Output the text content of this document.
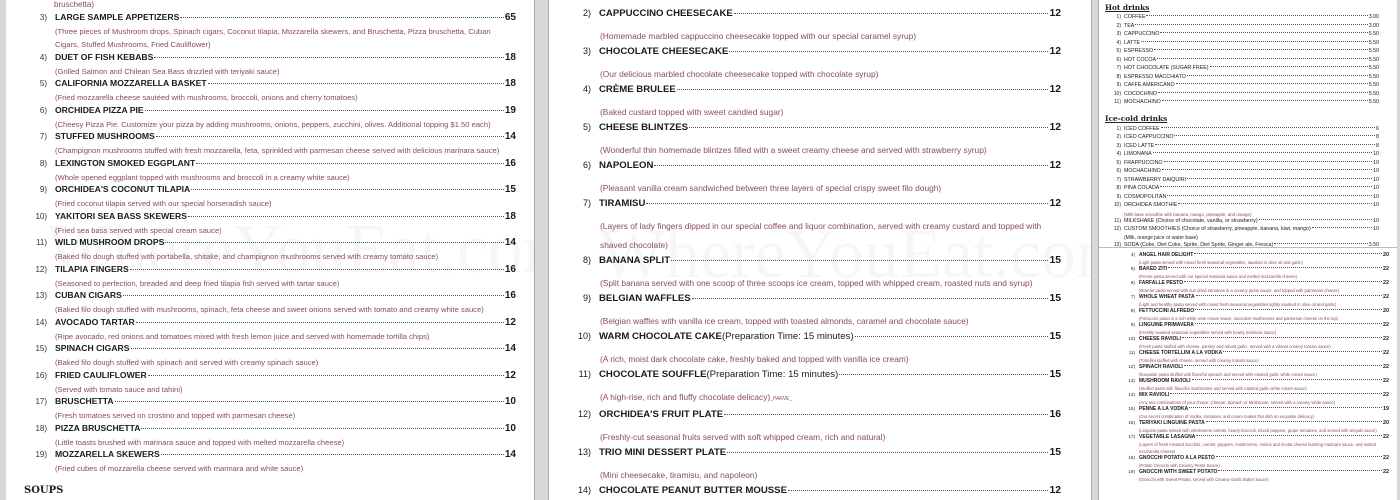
bruschetta)
3) LARGE SAMPLE APPETIZERS	65
(Three pieces of Mushroom drops, Spinach cigars, Coconut tilapia, Mozzarella skewers, and Bruschetta, Pizza bruschetta, Cuban Cigars, Stuffed Mushrooms, Fried Cauliflower)
4) DUET OF FISH KEBABS	18
(Grilled Salmon and Chilean Sea Bass drizzled with teriyaki sauce)
5) CALIFORNIA MOZZARELLA BASKET	18
(Fried mozzarella cheese sautéed with mushrooms, broccoli, onions and cherry tomatoes)
6) ORCHIDEA PIZZA PIE	19
(Cheesy Pizza Pie. Customize your pizza by adding mushrooms, onions, peppers, zucchini, olives. Additional topping $1.50 each)
7) STUFFED MUSHROOMS	14
(Champignon mushrooms stuffed with fresh mozzarella, feta, sprinkled with parmesan cheese served with delicious marinara sauce)
8) LEXINGTON SMOKED EGGPLANT	16
(Whole opened eggplant topped with mushrooms and broccoli in a creamy white sauce)
9) ORCHIDEA'S COCONUT TILAPIA	15
(Fried coconut tilapia served with our special horseradish sauce)
10) YAKITORI SEA BASS SKEWERS	18
(Fried sea bass served with special cream sauce)
11) WILD MUSHROOM DROPS	14
(Baked filo dough stuffed with portabella, shitake, and champignon mushrooms served with creamy tomato sauce)
12) TILAPIA FINGERS	16
(Seasoned to perfection, breaded and deep fried tilapia fish served with tartar sauce)
13) CUBAN CIGARS	16
(Baked filo dough stuffed with mushrooms, spinach, feta cheese and sweet onions served with tomato and creamy white sauce)
14) AVOCADO TARTAR	12
(Ripe avocado, red onions and tomatoes mixed with fresh lemon juice and served with homemade tortilla chips)
15) SPINACH CIGARS	14
(Baked filo dough stuffed with spinach and served with creamy spinach sauce)
16) FRIED CAULIFLOWER	12
(Served with tomato sauce and tahini)
17) BRUSCHETTA	10
(Fresh tomatoes served on crostino and topped with parmesan cheese)
18) PIZZA BRUSCHETTA	10
(Little toasts brushed with marinara sauce and topped with melted mozzarella cheese)
19) MOZZARELLA SKEWERS	14
(Fried cubes of mozzarella cheese served with marinara and white sauce)
SOUPS
2) CAPPUCCINO CHEESECAKE	12
(Homemade marbled cappuccino cheesecake topped with our special caramel syrup)
3) CHOCOLATE CHEESECAKE	12
(Our delicious marbled chocolate cheesecake topped with chocolate syrup)
4) CRÈME BRULEE	12
(Baked custard topped with sweet candied sugar)
5) CHEESE BLINTZES	12
(Wonderful thin homemade blintzes filled with a sweet creamy cheese and served with strawberry syrup)
6) NAPOLEON	12
(Pleasant vanilla cream sandwiched between three layers of special crispy sweet filo dough)
7) TIRAMISU	12
(Layers of lady fingers dipped in our special coffee and liquor combination, served with creamy custard and topped with shaved chocolate)
8) BANANA SPLIT	15
(Split banana served with one scoop of three scoops ice cream, topped with whipped cream, roasted nuts and syrup)
9) BELGIAN WAFFLES	15
(Belgian waffles with vanilla ice cream, topped with toasted almonds, caramel and chocolate sauce)
10) WARM CHOCOLATE CAKE (Preparation Time: 15 minutes)	15
(A rich, moist dark chocolate cake, freshly baked and topped with vanilla ice cream)
11) CHOCOLATE SOUFFLE (Preparation Time: 15 minutes)	15
(A high-rise, rich and fluffy chocolate delicacy)_PARVE_
12) ORCHIDEA'S FRUIT PLATE	16
(Freshly-cut seasonal fruits served with soft whipped cream, rich and natural)
13) TRIO MINI DESSERT PLATE	15
(Mini cheesecake, tiramisu, and napoleon)
14) CHOCOLATE PEANUT BUTTER MOUSSE	12
Hot drinks
1) COFFEE	3.00
2) TEA	3.00
3) CAPPUCCINO	5.50
4) LATTE	5.50
5) ESPRESSO	5.50
6) HOT COCOA	5.50
7) HOT CHOCOLATE (SUGAR FREE)	5.50
8) ESPRESSO MACCHIATO	5.50
9) CAFFE AMERICANO	5.50
10) COCOCHINO	5.50
11) MOCHACHINO	5.50
Ice-cold drinks
1) ICED COFFEE	6
2) ICED CAPPUCCINO	8
3) ICED LATTE	8
4) LIMONANA	10
5) FRAPPUCCINO	10
6) MOCHACHINO	10
7) STRAWBERRY DAIQUIRI	10
8) PINA COLADA	10
9) COSMOPOLITAN	10
10) ORCHIDEA SMOTHIE	10
(Milk base smoothie with banana, mango, pineapple, and orange)
11) MILKSHAKE (Choice of chocolate, vanilla, or strawberry)	10
12) CUSTOM SMOOTHIES (Choice of strawberry, pineapple, banana, kiwi, mango)	10
(Milk, orange juice or water base)
13) SODA (Coke, Diet Coke, Sprite, Diet Sprite, Ginger ale, Fresca)	3.50
4) ANGEL HAIR DELIGHT	20
(Light pasta served with mixed fresh seasonal vegetables, sautéed in olive oil and garlic)
5) BAKED ZITI	22
(Penne pasta served with our special marinara sauce and melted mozzarella cheese)
6) FARFALLE PESTO	22
(Bow-tie pasta served with sun dried tomatoes in a creamy pesto sauce, and topped with parmesan cheese)
7) WHOLE WHEAT PASTA	22
(Light and healthy pasta served with mixed fresh seasonal vegetables lightly sautéed in olive oil and garlic)
8) FETTUCCINI ALFREDO	20
(Fettuccini pasta in a rich white wine cream sauce, succulent mushrooms and parmesan cheese on the top)
9) LINGUINE PRIMAVERA	22
(Freshly sautéed seasonal vegetables served with hearty marinara sauce)
10) CHEESE RAVIOLI	22
(Fresh pasta stuffed with cheese, parsley and robust garlic, served with a vibrant creamy tomato sauce)
11) CHEESE TORTELLINI A LA VODKA	22
(Tortellini stuffed with cheese, served with creamy tomato sauce)
12) SPINACH RAVIOLI	22
(Exquisite pasta stuffed with flavorful spinach and served with roasted garlic white cream sauce)
13) MUSHROOM RAVIOLI	22
(Stuffed pasta with flavorful mushrooms and served with roasted garlic white cream sauce)
14) MIX RAVIOLI	22
(Any two combinations of your choice: Cheese, Spinach or Mushroom, served with a creamy white sauce)
15) PENNE A LA VODKA	19
(Our secret combination of Vodka, tomatoes, and cream makes this dish an exquisite delicacy)
16) TERIYAKI LINGUINE PASTA	20
(Linguine pasta tossed with wholesome carrots, hearty broccoli, mixed peppers, grape tomatoes, and served with teriyaki sauce)
17) VEGETABLE LASAGNA	22
(Layers of fresh messed zucchini, carrots, peppers, mushrooms, onions and ricotta cheese bursting marinara sauce, and melted mozzarella cheese)
18) GNOCCHI POTATO A LA PESTO	22
(Potato Gnocchi with Creamy Pesto Sauce)
19) GNOCCHI WITH SWEET POTATO	22
(Gnocchi with Sweet Potato, served with Creamy Garlic Butter Sauce)
